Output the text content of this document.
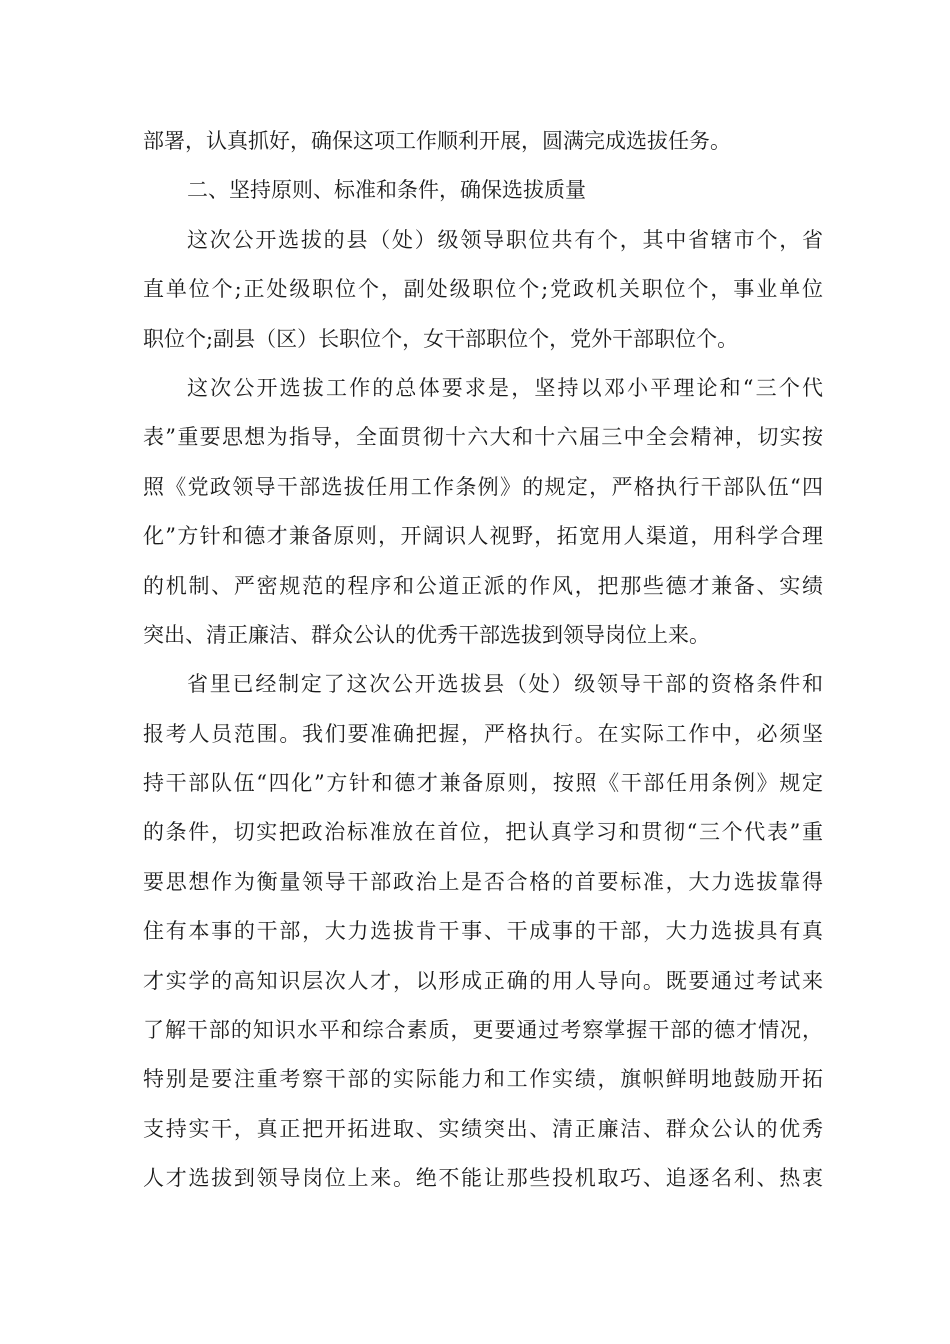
部署，认真抓好，确保这项工作顺利开展，圆满完成选拔任务。
二、坚持原则、标准和条件，确保选拔质量
这次公开选拔的县（处）级领导职位共有个，其中省辖市个，省
直单位个;正处级职位个，副处级职位个;党政机关职位个，事业单位
职位个;副县（区）长职位个，女干部职位个，党外干部职位个。
这次公开选拔工作的总体要求是，坚持以邓小平理论和“三个代
表”重要思想为指导，全面贯彻十六大和十六届三中全会精神，切实按
照《党政领导干部选拔任用工作条例》的规定，严格执行干部队伍“四
化”方针和德才兼备原则，开阔识人视野，拓宽用人渠道，用科学合理
的机制、严密规范的程序和公道正派的作风，把那些德才兼备、实绩
突出、清正廉洁、群众公认的优秀干部选拔到领导岗位上来。
省里已经制定了这次公开选拔县（处）级领导干部的资格条件和
报考人员范围。我们要准确把握，严格执行。在实际工作中，必须坚
持干部队伍“四化”方针和德才兼备原则，按照《干部任用条例》规定
的条件，切实把政治标准放在首位，把认真学习和贯彻“三个代表”重
要思想作为衡量领导干部政治上是否合格的首要标准，大力选拔靠得
住有本事的干部，大力选拔肯干事、干成事的干部，大力选拔具有真
才实学的高知识层次人才，以形成正确的用人导向。既要通过考试来
了解干部的知识水平和综合素质，更要通过考察掌握干部的德才情况，
特别是要注重考察干部的实际能力和工作实绩，旗帜鲜明地鼓励开拓
支持实干，真正把开拓进取、实绩突出、清正廉洁、群众公认的优秀
人才选拔到领导岗位上来。绝不能让那些投机取巧、追逐名利、热衷
